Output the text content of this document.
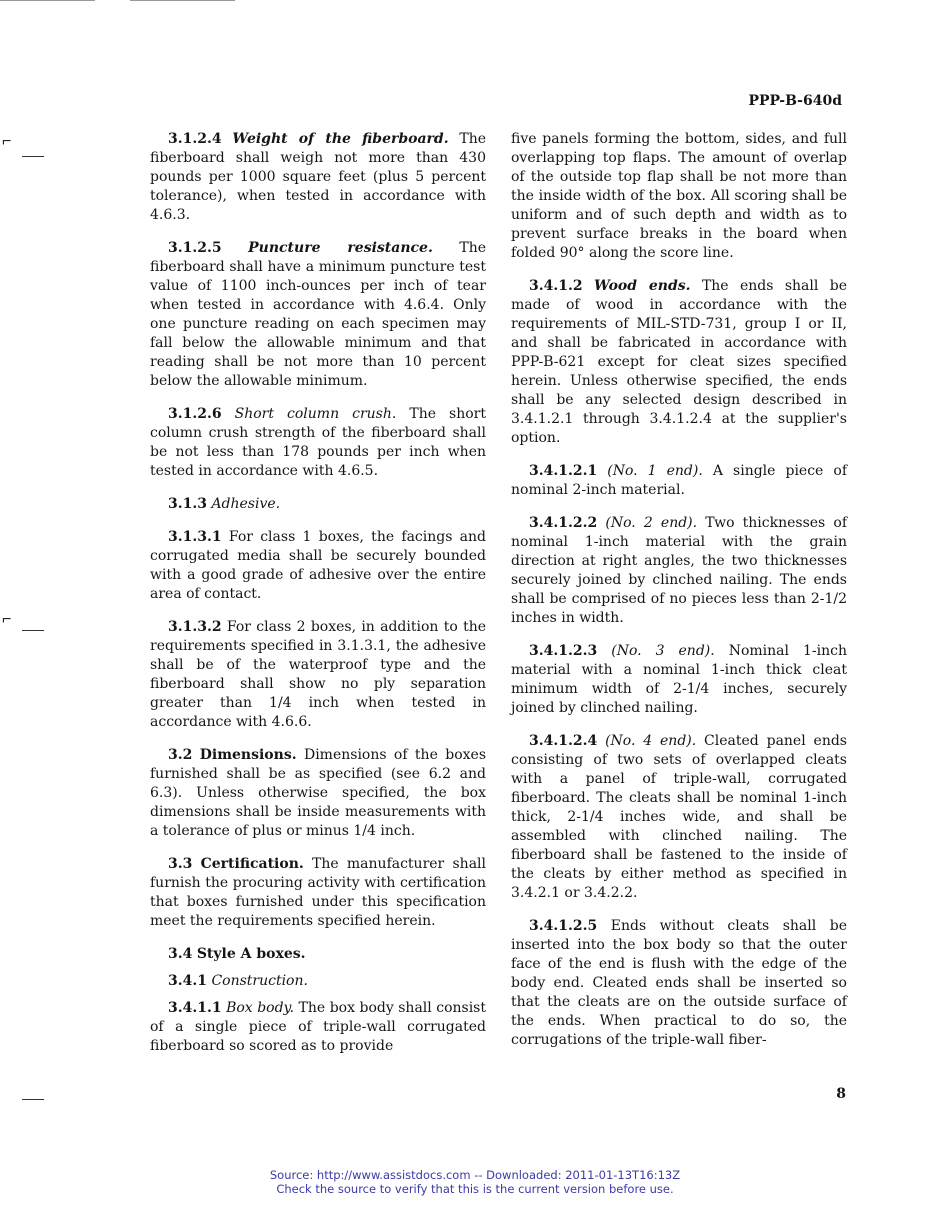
⌐
⌐
PPP-B-640d

3.1.2.4 Weight of the fiberboard. The fiberboard shall weigh not more than 430 pounds per 1000 square feet (plus 5 percent tolerance), when tested in accordance with 4.6.3.

3.1.2.5 Puncture resistance. The fiberboard shall have a minimum puncture test value of 1100 inch-ounces per inch of tear when tested in accordance with 4.6.4. Only one puncture reading on each specimen may fall below the allowable minimum and that reading shall be not more than 10 percent below the allowable minimum.

3.1.2.6 Short column crush. The short column crush strength of the fiberboard shall be not less than 178 pounds per inch when tested in accordance with 4.6.5.

3.1.3 Adhesive.

3.1.3.1 For class 1 boxes, the facings and corrugated media shall be securely bounded with a good grade of adhesive over the entire area of contact.

3.1.3.2 For class 2 boxes, in addition to the requirements specified in 3.1.3.1, the adhesive shall be of the waterproof type and the fiberboard shall show no ply separation greater than 1/4 inch when tested in accordance with 4.6.6.

3.2 Dimensions. Dimensions of the boxes furnished shall be as specified (see 6.2 and 6.3). Unless otherwise specified, the box dimensions shall be inside measurements with a tolerance of plus or minus 1/4 inch.

3.3 Certification. The manufacturer shall furnish the procuring activity with certification that boxes furnished under this specification meet the requirements specified herein.

3.4 Style A boxes.

3.4.1 Construction.

3.4.1.1 Box body. The box body shall consist of a single piece of triple-wall corrugated fiberboard so scored as to provide

five panels forming the bottom, sides, and full overlapping top flaps. The amount of overlap of the outside top flap shall be not more than the inside width of the box. All scoring shall be uniform and of such depth and width as to prevent surface breaks in the board when folded 90° along the score line.

3.4.1.2 Wood ends. The ends shall be made of wood in accordance with the requirements of MIL-STD-731, group I or II, and shall be fabricated in accordance with PPP-B-621 except for cleat sizes specified herein. Unless otherwise specified, the ends shall be any selected design described in 3.4.1.2.1 through 3.4.1.2.4 at the supplier's option.

3.4.1.2.1 (No. 1 end). A single piece of nominal 2-inch material.

3.4.1.2.2 (No. 2 end). Two thicknesses of nominal 1-inch material with the grain direction at right angles, the two thicknesses securely joined by clinched nailing. The ends shall be comprised of no pieces less than 2-1/2 inches in width.

3.4.1.2.3 (No. 3 end). Nominal 1-inch material with a nominal 1-inch thick cleat minimum width of 2-1/4 inches, securely joined by clinched nailing.

3.4.1.2.4 (No. 4 end). Cleated panel ends consisting of two sets of overlapped cleats with a panel of triple-wall, corrugated fiberboard. The cleats shall be nominal 1-inch thick, 2-1/4 inches wide, and shall be assembled with clinched nailing. The fiberboard shall be fastened to the inside of the cleats by either method as specified in 3.4.2.1 or 3.4.2.2.

3.4.1.2.5 Ends without cleats shall be inserted into the box body so that the outer face of the end is flush with the edge of the body end. Cleated ends shall be inserted so that the cleats are on the outside surface of the ends. When practical to do so, the corrugations of the triple-wall fiber-

8
Source: http://www.assistdocs.com -- Downloaded: 2011-01-13T16:13Z
Check the source to verify that this is the current version before use.
